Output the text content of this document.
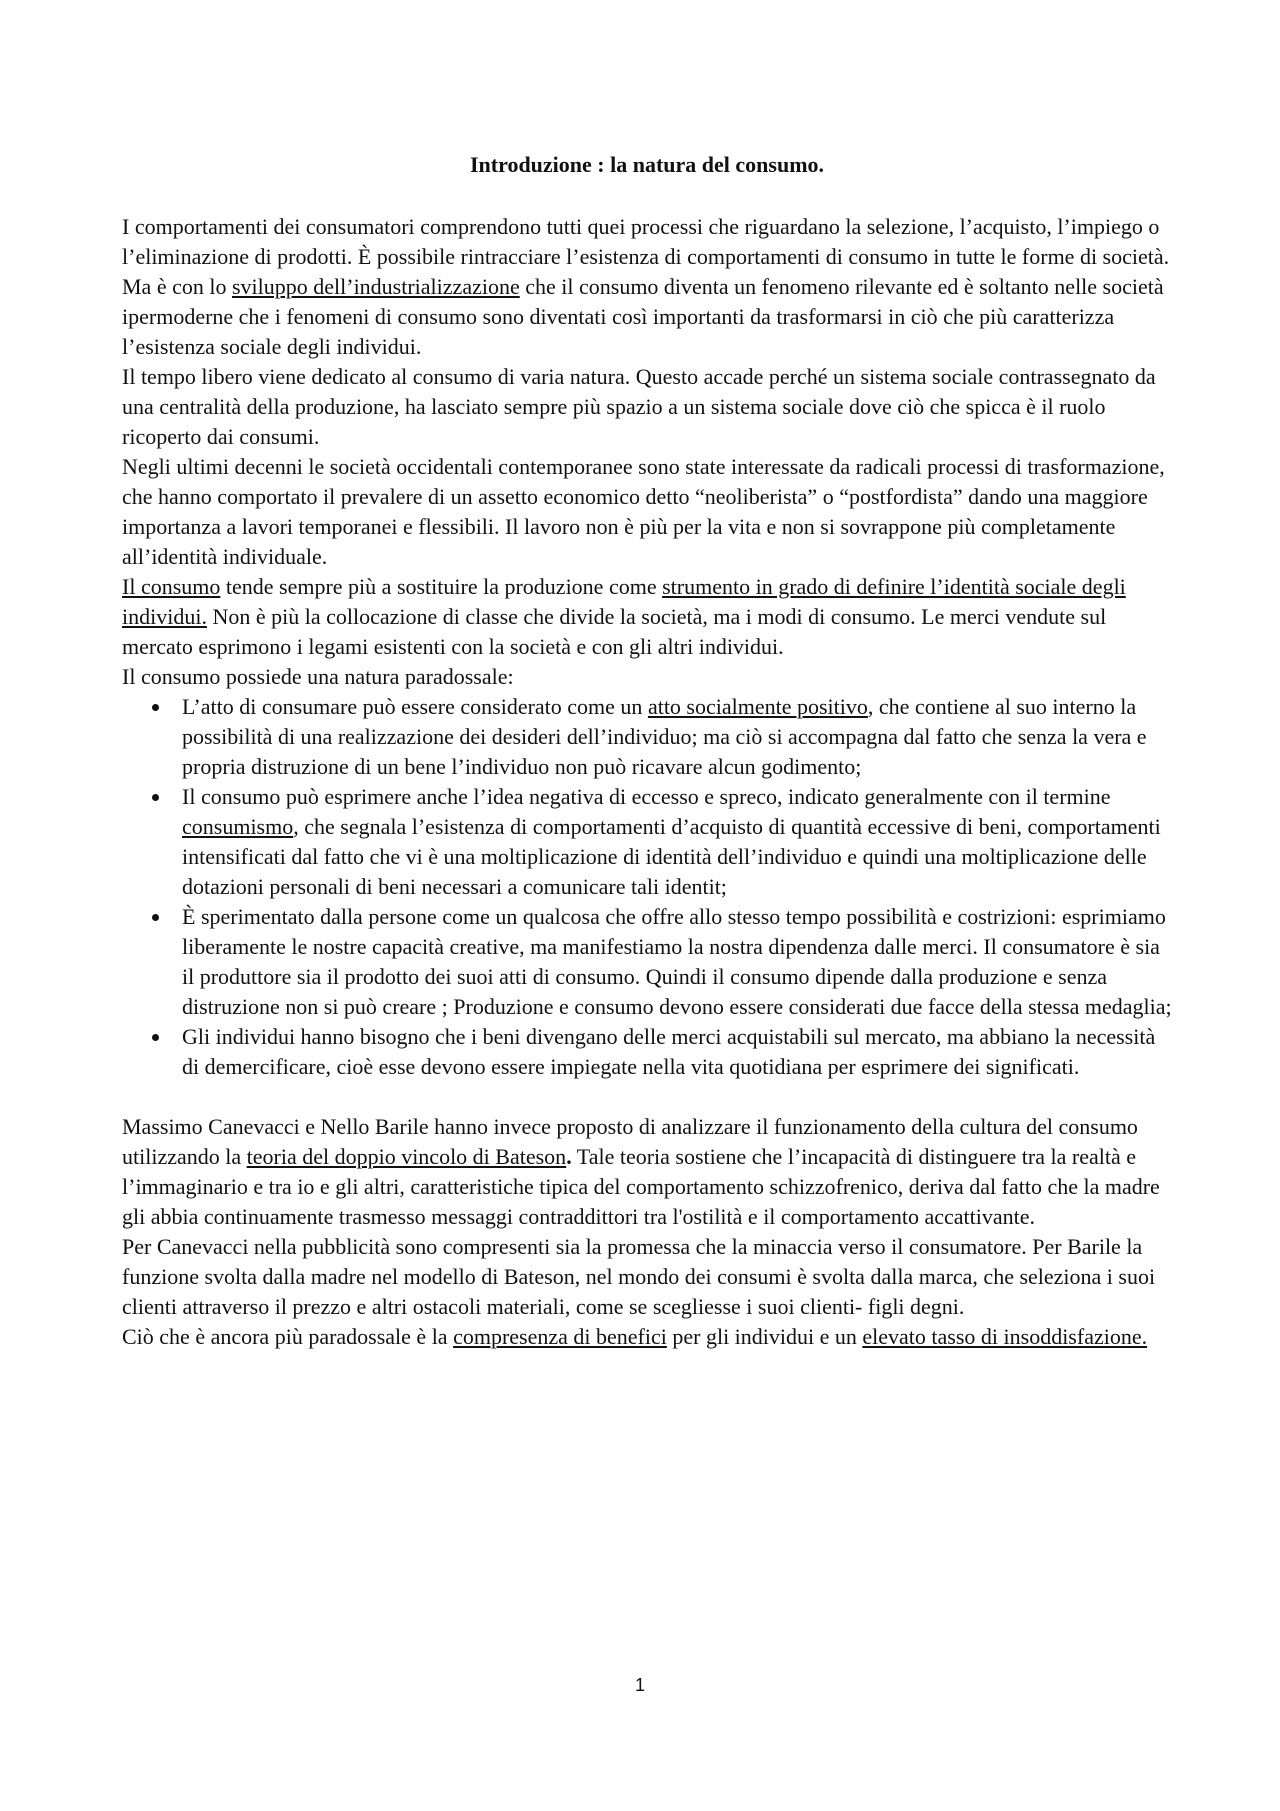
Introduzione : la natura del consumo.

I comportamenti dei consumatori comprendono tutti quei processi che riguardano la selezione, l’acquisto, l’impiego o l’eliminazione di prodotti. È possibile rintracciare l’esistenza di comportamenti di consumo in tutte le forme di società.

Ma è con lo sviluppo dell’industrializzazione che il consumo diventa un fenomeno rilevante ed è soltanto nelle società ipermoderne che i fenomeni di consumo sono diventati così importanti da trasformarsi in ciò che più caratterizza l’esistenza sociale degli individui.

Il tempo libero viene dedicato al consumo di varia natura. Questo accade perché un sistema sociale contrassegnato da una centralità della produzione, ha lasciato sempre più spazio a un sistema sociale dove ciò che spicca è il ruolo ricoperto dai consumi.

Negli ultimi decenni le società occidentali contemporanee sono state interessate da radicali processi di trasformazione, che hanno comportato il prevalere di un assetto economico detto “neoliberista” o “postfordista” dando una maggiore importanza a lavori temporanei e flessibili. Il lavoro non è più per la vita e non si sovrappone più completamente all’identità individuale.

Il consumo tende sempre più a sostituire la produzione come strumento in grado di definire l’identità sociale degli individui. Non è più la collocazione di classe che divide la società, ma i modi di consumo. Le merci vendute sul mercato esprimono i legami esistenti con la società e con gli altri individui.

Il consumo possiede una natura paradossale:

• L’atto di consumare può essere considerato come un atto socialmente positivo, che contiene al suo interno la possibilità di una realizzazione dei desideri dell’individuo; ma ciò si accompagna dal fatto che senza la vera e propria distruzione di un bene l’individuo non può ricavare alcun godimento;
• Il consumo può esprimere anche l’idea negativa di eccesso e spreco, indicato generalmente con il termine consumismo, che segnala l’esistenza di comportamenti d’acquisto di quantità eccessive di beni, comportamenti intensificati dal fatto che vi è una moltiplicazione di identità dell’individuo e quindi una moltiplicazione delle dotazioni personali di beni necessari a comunicare tali identit;
• È sperimentato dalla persone come un qualcosa che offre allo stesso tempo possibilità e costrizioni: esprimiamo liberamente le nostre capacità creative, ma manifestiamo la nostra dipendenza dalle merci. Il consumatore è sia il produttore sia il prodotto dei suoi atti di consumo. Quindi il consumo dipende dalla produzione e senza distruzione non si può creare ; Produzione e consumo devono essere considerati due facce della stessa medaglia;
• Gli individui hanno bisogno che i beni divengano delle merci acquistabili sul mercato, ma abbiano la necessità di demercificare, cioè esse devono essere impiegate nella vita quotidiana per esprimere dei significati.

Massimo Canevacci e Nello Barile hanno invece proposto di analizzare il funzionamento della cultura del consumo utilizzando la teoria del doppio vincolo di Bateson. Tale teoria sostiene che l’incapacità di distinguere tra la realtà e l’immaginario e tra io e gli altri, caratteristiche tipica del comportamento schizzofrenico, deriva dal fatto che la madre gli abbia continuamente trasmesso messaggi contraddittori tra l'ostilità e il comportamento accattivante.

Per Canevacci nella pubblicità sono compresenti sia la promessa che la minaccia verso il consumatore. Per Barile la funzione svolta dalla madre nel modello di Bateson, nel mondo dei consumi è svolta dalla marca, che seleziona i suoi clienti attraverso il prezzo e altri ostacoli materiali, come se scegliesse i suoi clienti- figli degni.

Ciò che è ancora più paradossale è la compresenza di benefici per gli individui e un elevato tasso di insoddisfazione.

1
